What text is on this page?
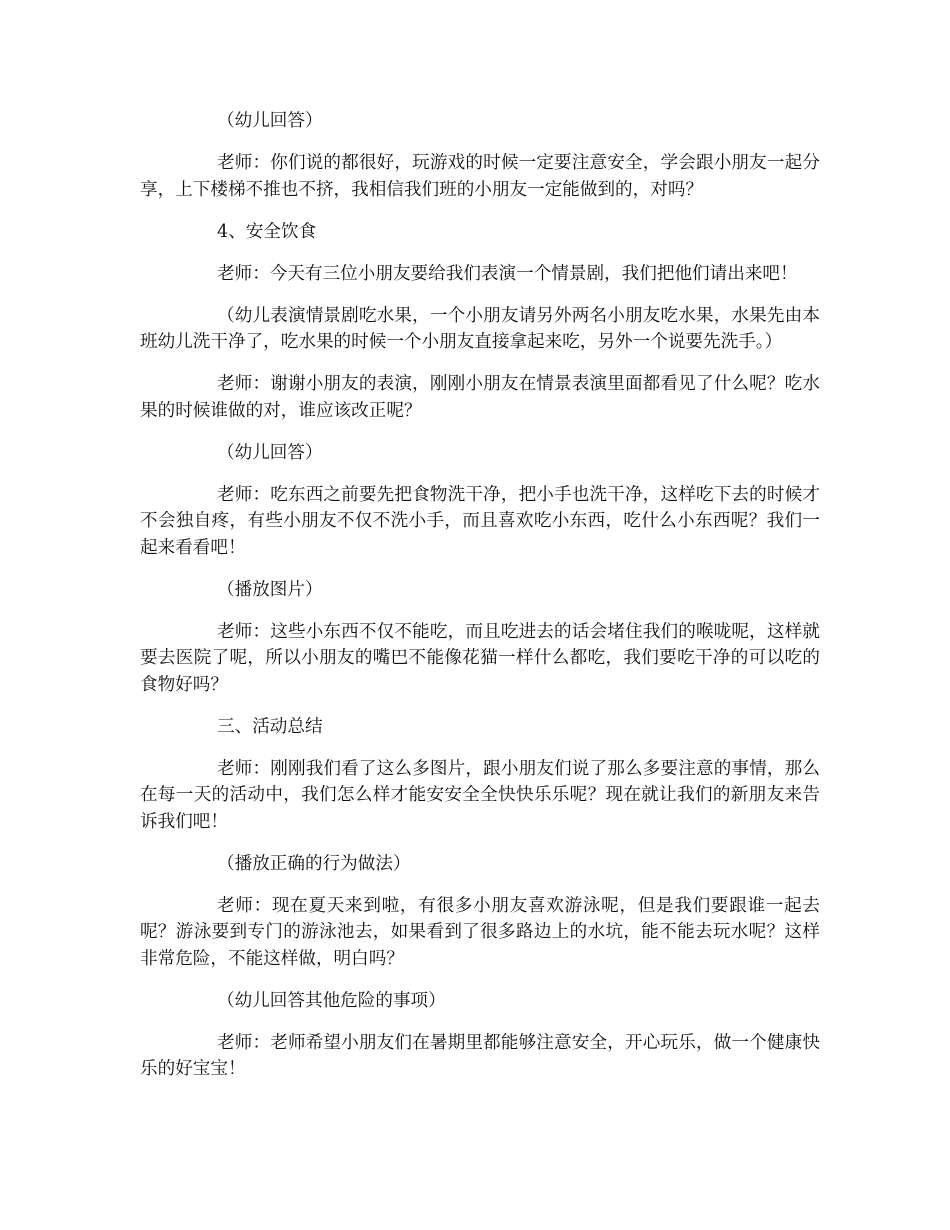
（幼儿回答）

老师：你们说的都很好，玩游戏的时候一定要注意安全，学会跟小朋友一起分享，上下楼梯不推也不挤，我相信我们班的小朋友一定能做到的，对吗？

4、安全饮食

老师：今天有三位小朋友要给我们表演一个情景剧，我们把他们请出来吧！

（幼儿表演情景剧吃水果，一个小朋友请另外两名小朋友吃水果，水果先由本班幼儿洗干净了，吃水果的时候一个小朋友直接拿起来吃，另外一个说要先洗手。）

老师：谢谢小朋友的表演，刚刚小朋友在情景表演里面都看见了什么呢？吃水果的时候谁做的对，谁应该改正呢？

（幼儿回答）

老师：吃东西之前要先把食物洗干净，把小手也洗干净，这样吃下去的时候才不会独自疼，有些小朋友不仅不洗小手，而且喜欢吃小东西，吃什么小东西呢？我们一起来看看吧！

（播放图片）

老师：这些小东西不仅不能吃，而且吃进去的话会堵住我们的喉咙呢，这样就要去医院了呢，所以小朋友的嘴巴不能像花猫一样什么都吃，我们要吃干净的可以吃的食物好吗？

三、活动总结

老师：刚刚我们看了这么多图片，跟小朋友们说了那么多要注意的事情，那么在每一天的活动中，我们怎么样才能安安全全快快乐乐呢？现在就让我们的新朋友来告诉我们吧！

（播放正确的行为做法）

老师：现在夏天来到啦，有很多小朋友喜欢游泳呢，但是我们要跟谁一起去呢？游泳要到专门的游泳池去，如果看到了很多路边上的水坑，能不能去玩水呢？这样非常危险，不能这样做，明白吗？

（幼儿回答其他危险的事项）

老师：老师希望小朋友们在暑期里都能够注意安全，开心玩乐，做一个健康快乐的好宝宝！
